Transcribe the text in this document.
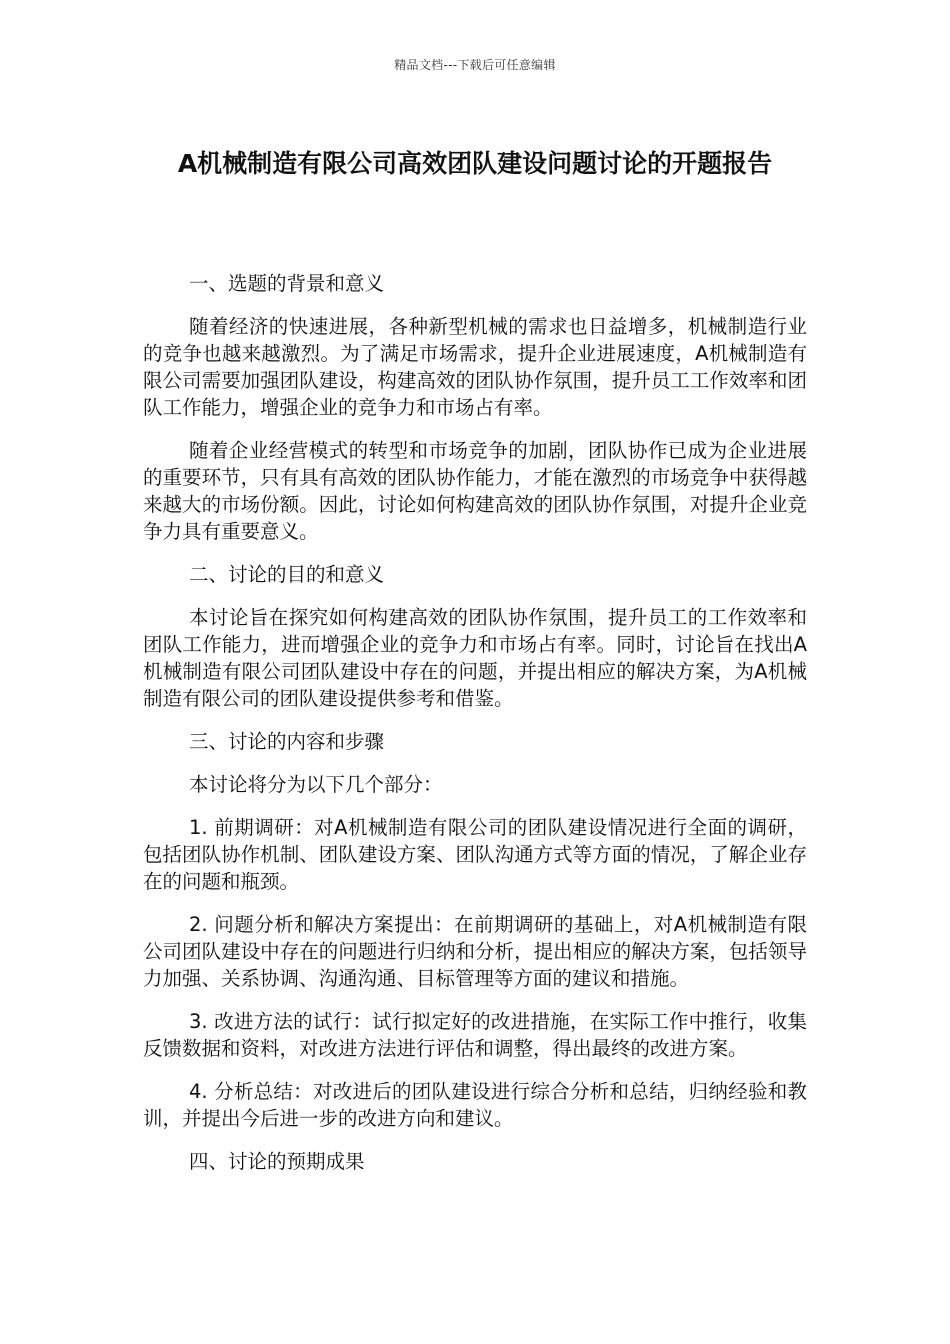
精品文档---下载后可任意编辑
A机械制造有限公司高效团队建设问题讨论的开题报告

一、选题的背景和意义

随着经济的快速进展，各种新型机械的需求也日益增多，机械制造行业的竞争也越来越激烈。为了满足市场需求，提升企业进展速度，A机械制造有限公司需要加强团队建设，构建高效的团队协作氛围，提升员工工作效率和团队工作能力，增强企业的竞争力和市场占有率。

随着企业经营模式的转型和市场竞争的加剧，团队协作已成为企业进展的重要环节，只有具有高效的团队协作能力，才能在激烈的市场竞争中获得越来越大的市场份额。因此，讨论如何构建高效的团队协作氛围，对提升企业竞争力具有重要意义。

二、讨论的目的和意义

本讨论旨在探究如何构建高效的团队协作氛围，提升员工的工作效率和团队工作能力，进而增强企业的竞争力和市场占有率。同时，讨论旨在找出A机械制造有限公司团队建设中存在的问题，并提出相应的解决方案，为A机械制造有限公司的团队建设提供参考和借鉴。

三、讨论的内容和步骤

本讨论将分为以下几个部分：

1. 前期调研：对A机械制造有限公司的团队建设情况进行全面的调研，包括团队协作机制、团队建设方案、团队沟通方式等方面的情况，了解企业存在的问题和瓶颈。

2. 问题分析和解决方案提出：在前期调研的基础上，对A机械制造有限公司团队建设中存在的问题进行归纳和分析，提出相应的解决方案，包括领导力加强、关系协调、沟通沟通、目标管理等方面的建议和措施。

3. 改进方法的试行：试行拟定好的改进措施，在实际工作中推行，收集反馈数据和资料，对改进方法进行评估和调整，得出最终的改进方案。

4. 分析总结：对改进后的团队建设进行综合分析和总结，归纳经验和教训，并提出今后进一步的改进方向和建议。

四、讨论的预期成果
